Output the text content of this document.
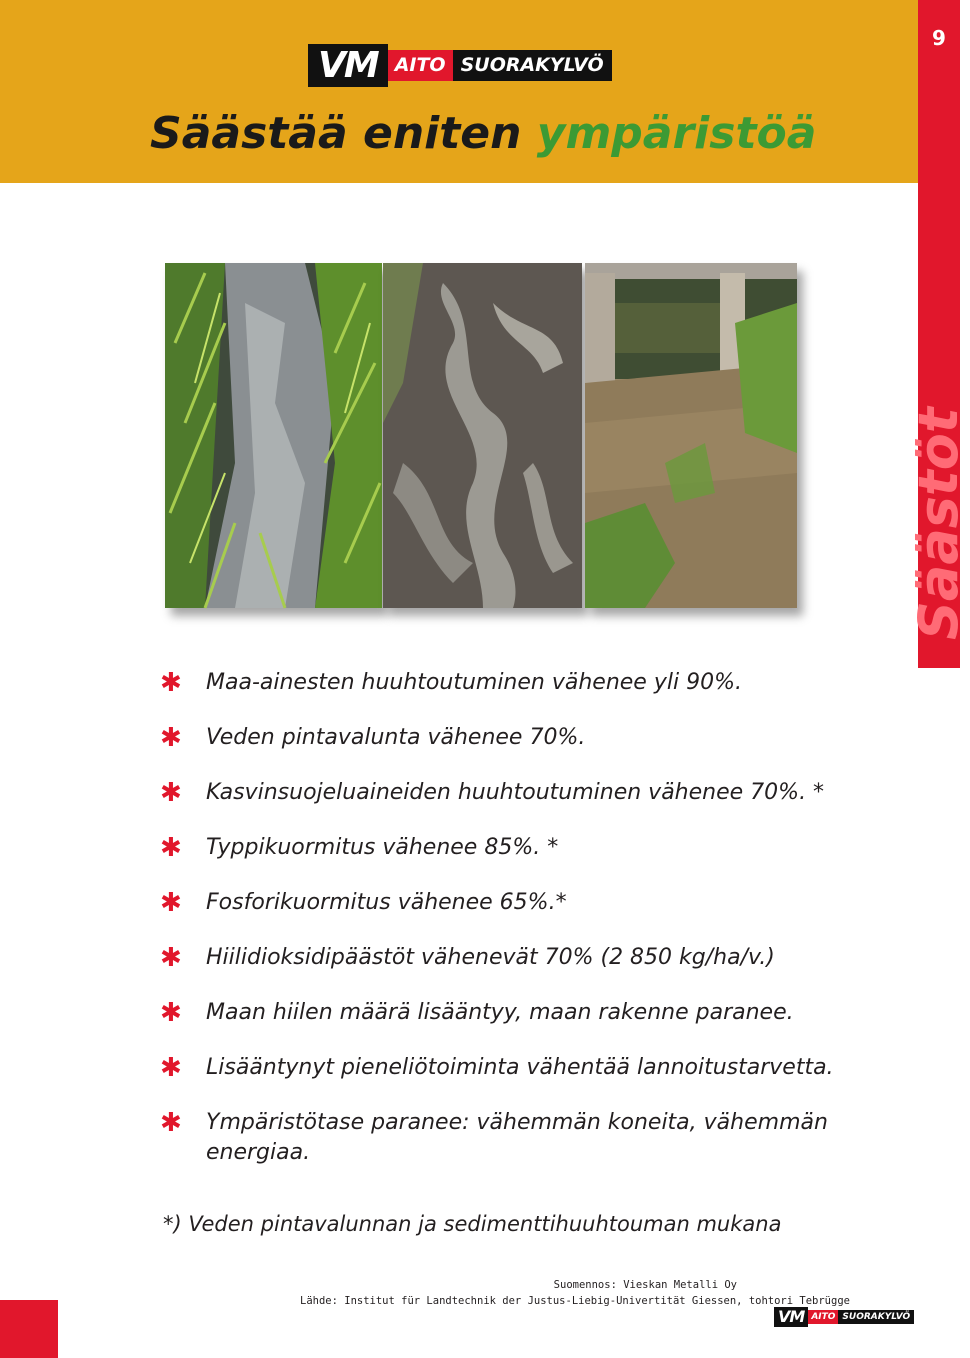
9
Säästöt
VM AITO SUORAKYLVÖ
Säästää eniten ympäristöä
✱ Maa-ainesten huuhtoutuminen vähenee yli 90%.
✱ Veden pintavalunta vähenee 70%.
✱ Kasvinsuojeluaineiden huuhtoutuminen vähenee 70%. *
✱ Typpikuormitus vähenee 85%. *
✱ Fosforikuormitus vähenee 65%.*
✱ Hiilidioksidipäästöt vähenevät 70% (2 850 kg/ha/v.)
✱ Maan hiilen määrä lisääntyy, maan rakenne paranee.
✱ Lisääntynyt pieneliötoiminta vähentää lannoitustarvetta.
✱ Ympäristötase paranee: vähemmän koneita, vähemmän energiaa.
*) Veden pintavalunnan ja sedimenttihuuhtouman mukana
Suomennos: Vieskan Metalli Oy
Lähde: Institut für Landtechnik der Justus-Liebig-Univertität Giessen, tohtori Tebrügge
VM AITO SUORAKYLVÖ
